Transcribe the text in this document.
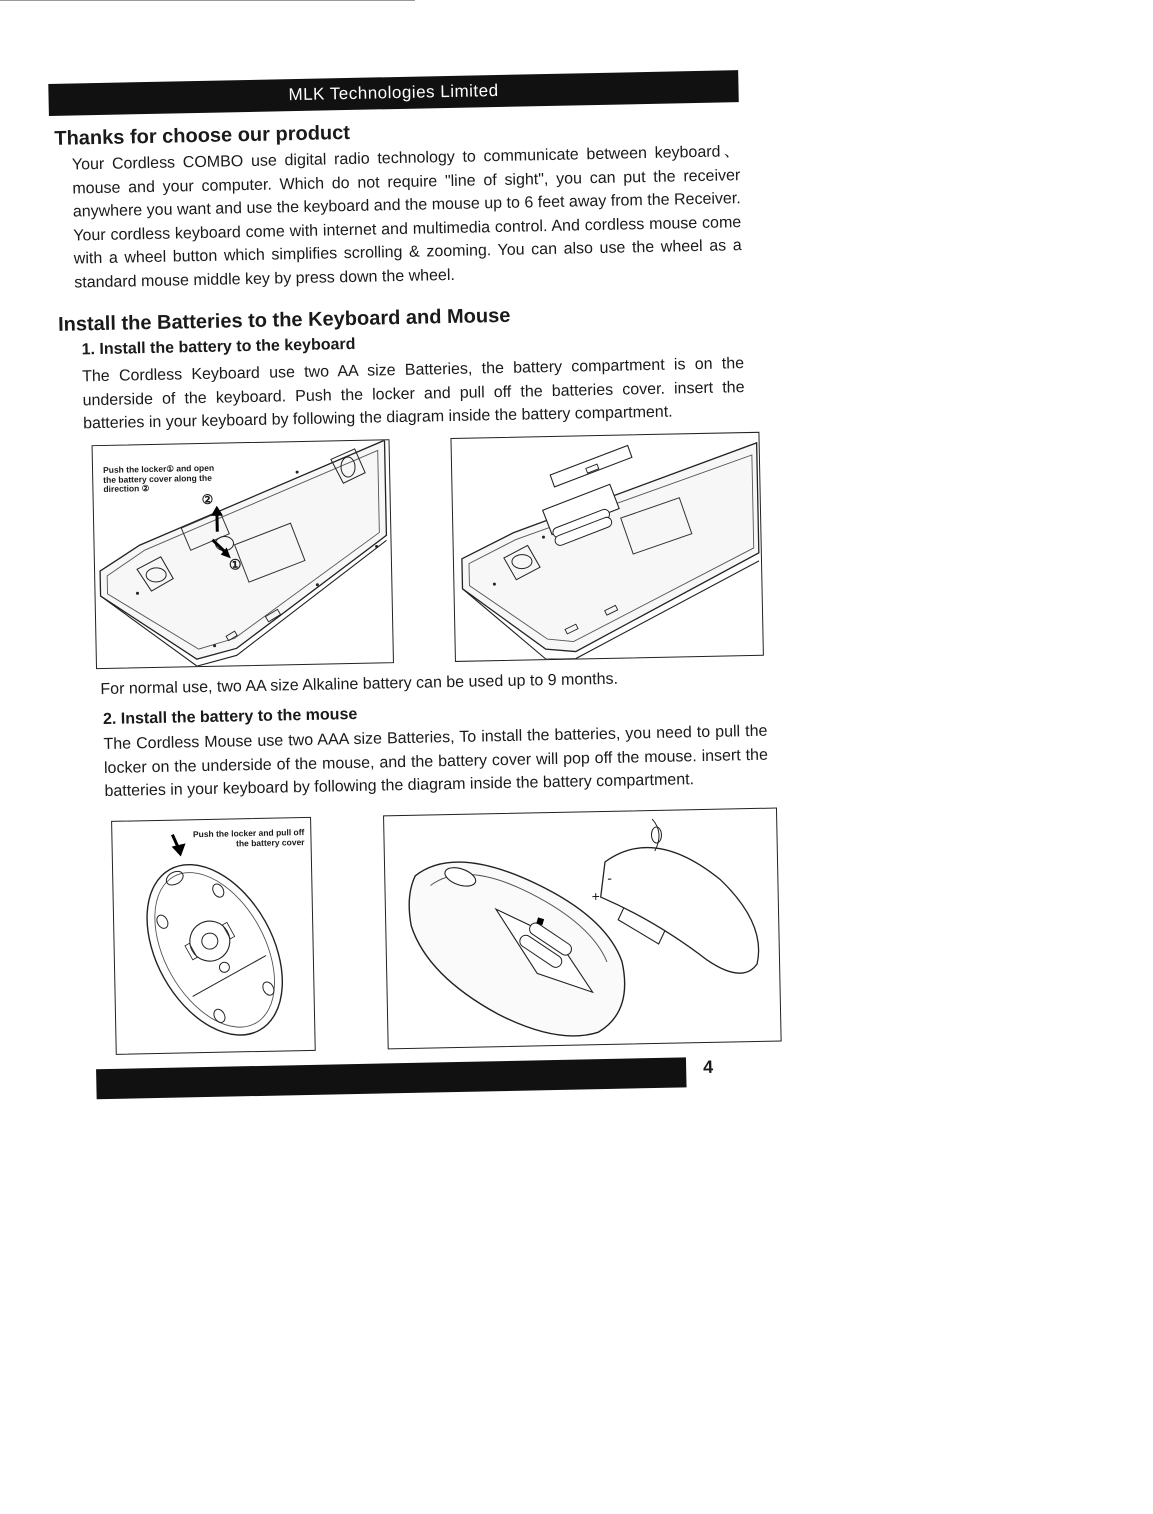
MLK Technologies Limited
Thanks for choose our product
Your Cordless COMBO use digital radio technology to communicate between keyboard、mouse and your computer. Which do not require "line of sight", you can put the receiver anywhere you want and use the keyboard and the mouse up to 6 feet away from the Receiver. Your cordless keyboard come with internet and multimedia control. And cordless mouse come with a wheel button which simplifies scrolling & zooming. You can also use the wheel as a standard mouse middle key by press down the wheel.
Install the Batteries to the Keyboard and Mouse
1. Install the battery to the keyboard
The Cordless Keyboard use two AA size Batteries, the battery compartment is on the underside of the keyboard. Push the locker and pull off the batteries cover. insert the batteries in your keyboard by following the diagram inside the battery compartment.
Push the locker① and open the battery cover along the direction ②
②
①
For normal use, two AA size Alkaline battery can be used up to 9 months.
2. Install the battery to the mouse
The Cordless Mouse use two AAA size Batteries, To install the batteries, you need to pull the locker on the underside of the mouse, and the battery cover will pop off the mouse. insert the batteries in your keyboard by following the diagram inside the battery compartment.
Push the locker and pull off the battery cover
+
-
4
